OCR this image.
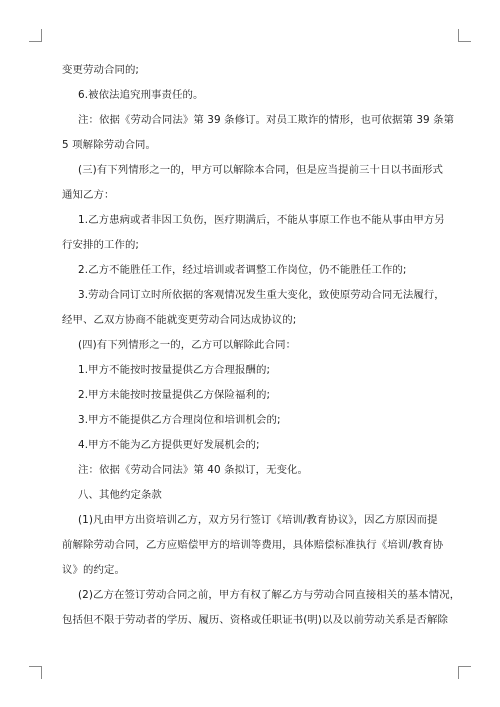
变更劳动合同的;
6.被依法追究刑事责任的。
注：依据《劳动合同法》第 39 条修订。对员工欺诈的情形，也可依据第 39 条第
5 项解除劳动合同。
(三)有下列情形之一的，甲方可以解除本合同，但是应当提前三十日以书面形式
通知乙方：
1.乙方患病或者非因工负伤，医疗期满后，不能从事原工作也不能从事由甲方另
行安排的工作的;
2.乙方不能胜任工作，经过培训或者调整工作岗位，仍不能胜任工作的;
3.劳动合同订立时所依据的客观情况发生重大变化，致使原劳动合同无法履行，
经甲、乙双方协商不能就变更劳动合同达成协议的;
(四)有下列情形之一的，乙方可以解除此合同：
1.甲方不能按时按量提供乙方合理报酬的;
2.甲方未能按时按量提供乙方保险福利的;
3.甲方不能提供乙方合理岗位和培训机会的;
4.甲方不能为乙方提供更好发展机会的;
注：依据《劳动合同法》第 40 条拟订，无变化。
八、其他约定条款
(1)凡由甲方出资培训乙方，双方另行签订《培训/教育协议》，因乙方原因而提
前解除劳动合同，乙方应赔偿甲方的培训等费用，具体赔偿标准执行《培训/教育协
议》的约定。
(2)乙方在签订劳动合同之前，甲方有权了解乙方与劳动合同直接相关的基本情况，
包括但不限于劳动者的学历、履历、资格或任职证书(明)以及以前劳动关系是否解除
